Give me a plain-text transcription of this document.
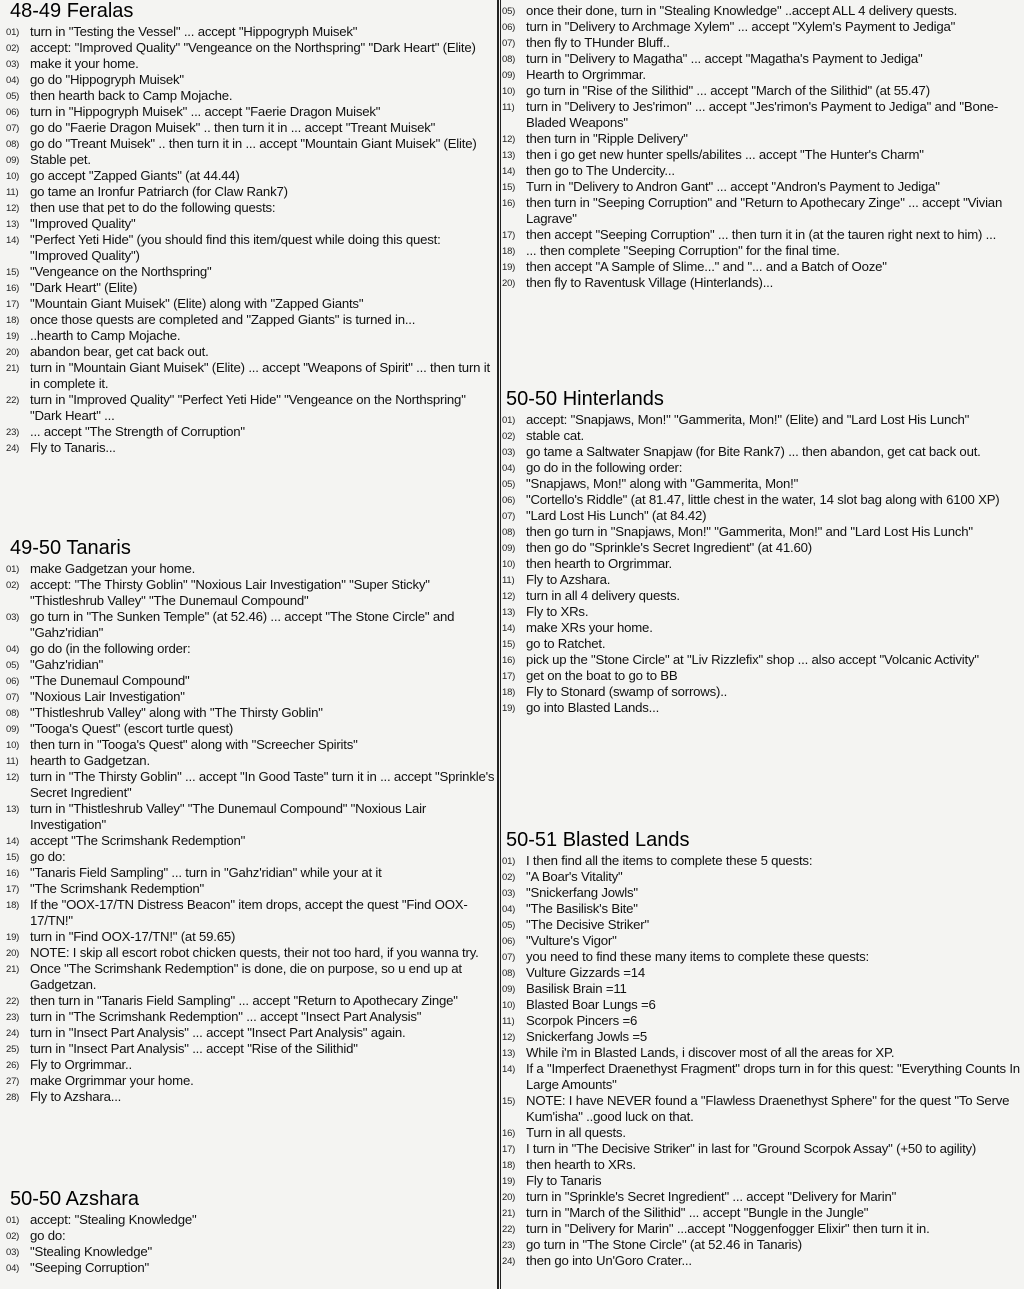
48-49 Feralas
01) turn in "Testing the Vessel" ... accept "Hippogryph Muisek"
02) accept: "Improved Quality" "Vengeance on the Northspring" "Dark Heart" (Elite)
03) make it your home.
04) go do "Hippogryph Muisek"
05) then hearth back to Camp Mojache.
06) turn in "Hippogryph Muisek" ... accept "Faerie Dragon Muisek"
07) go do "Faerie Dragon Muisek" .. then turn it in ... accept "Treant Muisek"
08) go do "Treant Muisek" .. then turn it in ... accept "Mountain Giant Muisek" (Elite)
09) Stable pet.
10) go accept "Zapped Giants" (at 44.44)
11) go tame an Ironfur Patriarch (for Claw Rank7)
12) then use that pet to do the following quests:
13) "Improved Quality"
14) "Perfect Yeti Hide" (you should find this item/quest while doing this quest: "Improved Quality")
15) "Vengeance on the Northspring"
16) "Dark Heart" (Elite)
17) "Mountain Giant Muisek" (Elite) along with "Zapped Giants"
18) once those quests are completed and "Zapped Giants" is turned in...
19) ..hearth to Camp Mojache.
20) abandon bear, get cat back out.
21) turn in "Mountain Giant Muisek" (Elite) ... accept "Weapons of Spirit" ... then turn it in complete it.
22) turn in "Improved Quality" "Perfect Yeti Hide" "Vengeance on the Northspring" "Dark Heart" ...
23) ... accept "The Strength of Corruption"
24) Fly to Tanaris...
49-50 Tanaris
01) make Gadgetzan your home.
02) accept: "The Thirsty Goblin" "Noxious Lair Investigation" "Super Sticky" "Thistleshrub Valley" "The Dunemaul Compound"
03) go turn in "The Sunken Temple" (at 52.46) ... accept "The Stone Circle" and "Gahz'ridian"
04) go do (in the following order:
05) "Gahz'ridian"
06) "The Dunemaul Compound"
07) "Noxious Lair Investigation"
08) "Thistleshrub Valley" along with "The Thirsty Goblin"
09) "Tooga's Quest" (escort turtle quest)
10) then turn in "Tooga's Quest" along with "Screecher Spirits"
11) hearth to Gadgetzan.
12) turn in "The Thirsty Goblin" ... accept "In Good Taste" turn it in ... accept "Sprinkle's Secret Ingredient"
13) turn in "Thistleshrub Valley" "The Dunemaul Compound" "Noxious Lair Investigation"
14) accept "The Scrimshank Redemption"
15) go do:
16) "Tanaris Field Sampling" ... turn in "Gahz'ridian" while your at it
17) "The Scrimshank Redemption"
18) If the "OOX-17/TN Distress Beacon" item drops, accept the quest "Find OOX-17/TN!"
19) turn in "Find OOX-17/TN!" (at 59.65)
20) NOTE: I skip all escort robot chicken quests, their not too hard, if you wanna try.
21) Once "The Scrimshank Redemption" is done, die on purpose, so u end up at Gadgetzan.
22) then turn in "Tanaris Field Sampling" ... accept "Return to Apothecary Zinge"
23) turn in "The Scrimshank Redemption" ... accept "Insect Part Analysis"
24) turn in "Insect Part Analysis" ... accept "Insect Part Analysis" again.
25) turn in "Insect Part Analysis" ... accept "Rise of the Silithid"
26) Fly to Orgrimmar..
27) make Orgrimmar your home.
28) Fly to Azshara...
50-50 Azshara
01) accept: "Stealing Knowledge"
02) go do:
03) "Stealing Knowledge"
04) "Seeping Corruption"
05) once their done, turn in "Stealing Knowledge" ..accept ALL 4 delivery quests.
06) turn in "Delivery to Archmage Xylem" ... accept "Xylem's Payment to Jediga"
07) then fly to THunder Bluff..
08) turn in "Delivery to Magatha" ... accept "Magatha's Payment to Jediga"
09) Hearth to Orgrimmar.
10) go turn in "Rise of the Silithid" ... accept "March of the Silithid" (at 55.47)
11) turn in "Delivery to Jes'rimon" ... accept "Jes'rimon's Payment to Jediga" and "Bone-Bladed Weapons"
12) then turn in "Ripple Delivery"
13) then i go get new hunter spells/abilites ... accept "The Hunter's Charm"
14) then go to The Undercity...
15) Turn in "Delivery to Andron Gant" ... accept "Andron's Payment to Jediga"
16) then turn in "Seeping Corruption" and "Return to Apothecary Zinge" ... accept "Vivian Lagrave"
17) then accept "Seeping Corruption" ... then turn it in (at the tauren right next to him) ...
18) ... then complete "Seeping Corruption" for the final time.
19) then accept "A Sample of Slime..." and "... and a Batch of Ooze"
20) then fly to Raventusk Village (Hinterlands)...
50-50 Hinterlands
01) accept: "Snapjaws, Mon!" "Gammerita, Mon!" (Elite) and "Lard Lost His Lunch"
02) stable cat.
03) go tame a Saltwater Snapjaw (for Bite Rank7) ... then abandon, get cat back out.
04) go do in the following order:
05) "Snapjaws, Mon!" along with "Gammerita, Mon!"
06) "Cortello's Riddle" (at 81.47, little chest in the water, 14 slot bag along with 6100 XP)
07) "Lard Lost His Lunch" (at 84.42)
08) then go turn in "Snapjaws, Mon!" "Gammerita, Mon!" and "Lard Lost His Lunch"
09) then go do "Sprinkle's Secret Ingredient" (at 41.60)
10) then hearth to Orgrimmar.
11) Fly to Azshara.
12) turn in all 4 delivery quests.
13) Fly to XRs.
14) make XRs your home.
15) go to Ratchet.
16) pick up the "Stone Circle" at "Liv Rizzlefix" shop ... also accept "Volcanic Activity"
17) get on the boat to go to BB
18) Fly to Stonard (swamp of sorrows)..
19) go into Blasted Lands...
50-51 Blasted Lands
01) I then find all the items to complete these 5 quests:
02) "A Boar's Vitality"
03) "Snickerfang Jowls"
04) "The Basilisk's Bite"
05) "The Decisive Striker"
06) "Vulture's Vigor"
07) you need to find these many items to complete these quests:
08) Vulture Gizzards =14
09) Basilisk Brain =11
10) Blasted Boar Lungs =6
11) Scorpok Pincers =6
12) Snickerfang Jowls =5
13) While i'm in Blasted Lands, i discover most of all the areas for XP.
14) If a "Imperfect Draenethyst Fragment" drops turn in for this quest: "Everything Counts In Large Amounts"
15) NOTE: I have NEVER found a "Flawless Draenethyst Sphere" for the quest "To Serve Kum'isha" ..good luck on that.
16) Turn in all quests.
17) I turn in "The Decisive Striker" in last for "Ground Scorpok Assay" (+50 to agility)
18) then hearth to XRs.
19) Fly to Tanaris
20) turn in "Sprinkle's Secret Ingredient" ... accept "Delivery for Marin"
21) turn in "March of the Silithid" ... accept "Bungle in the Jungle"
22) turn in "Delivery for Marin" ...accept "Noggenfogger Elixir" then turn it in.
23) go turn in "The Stone Circle" (at 52.46 in Tanaris)
24) then go into Un'Goro Crater...
